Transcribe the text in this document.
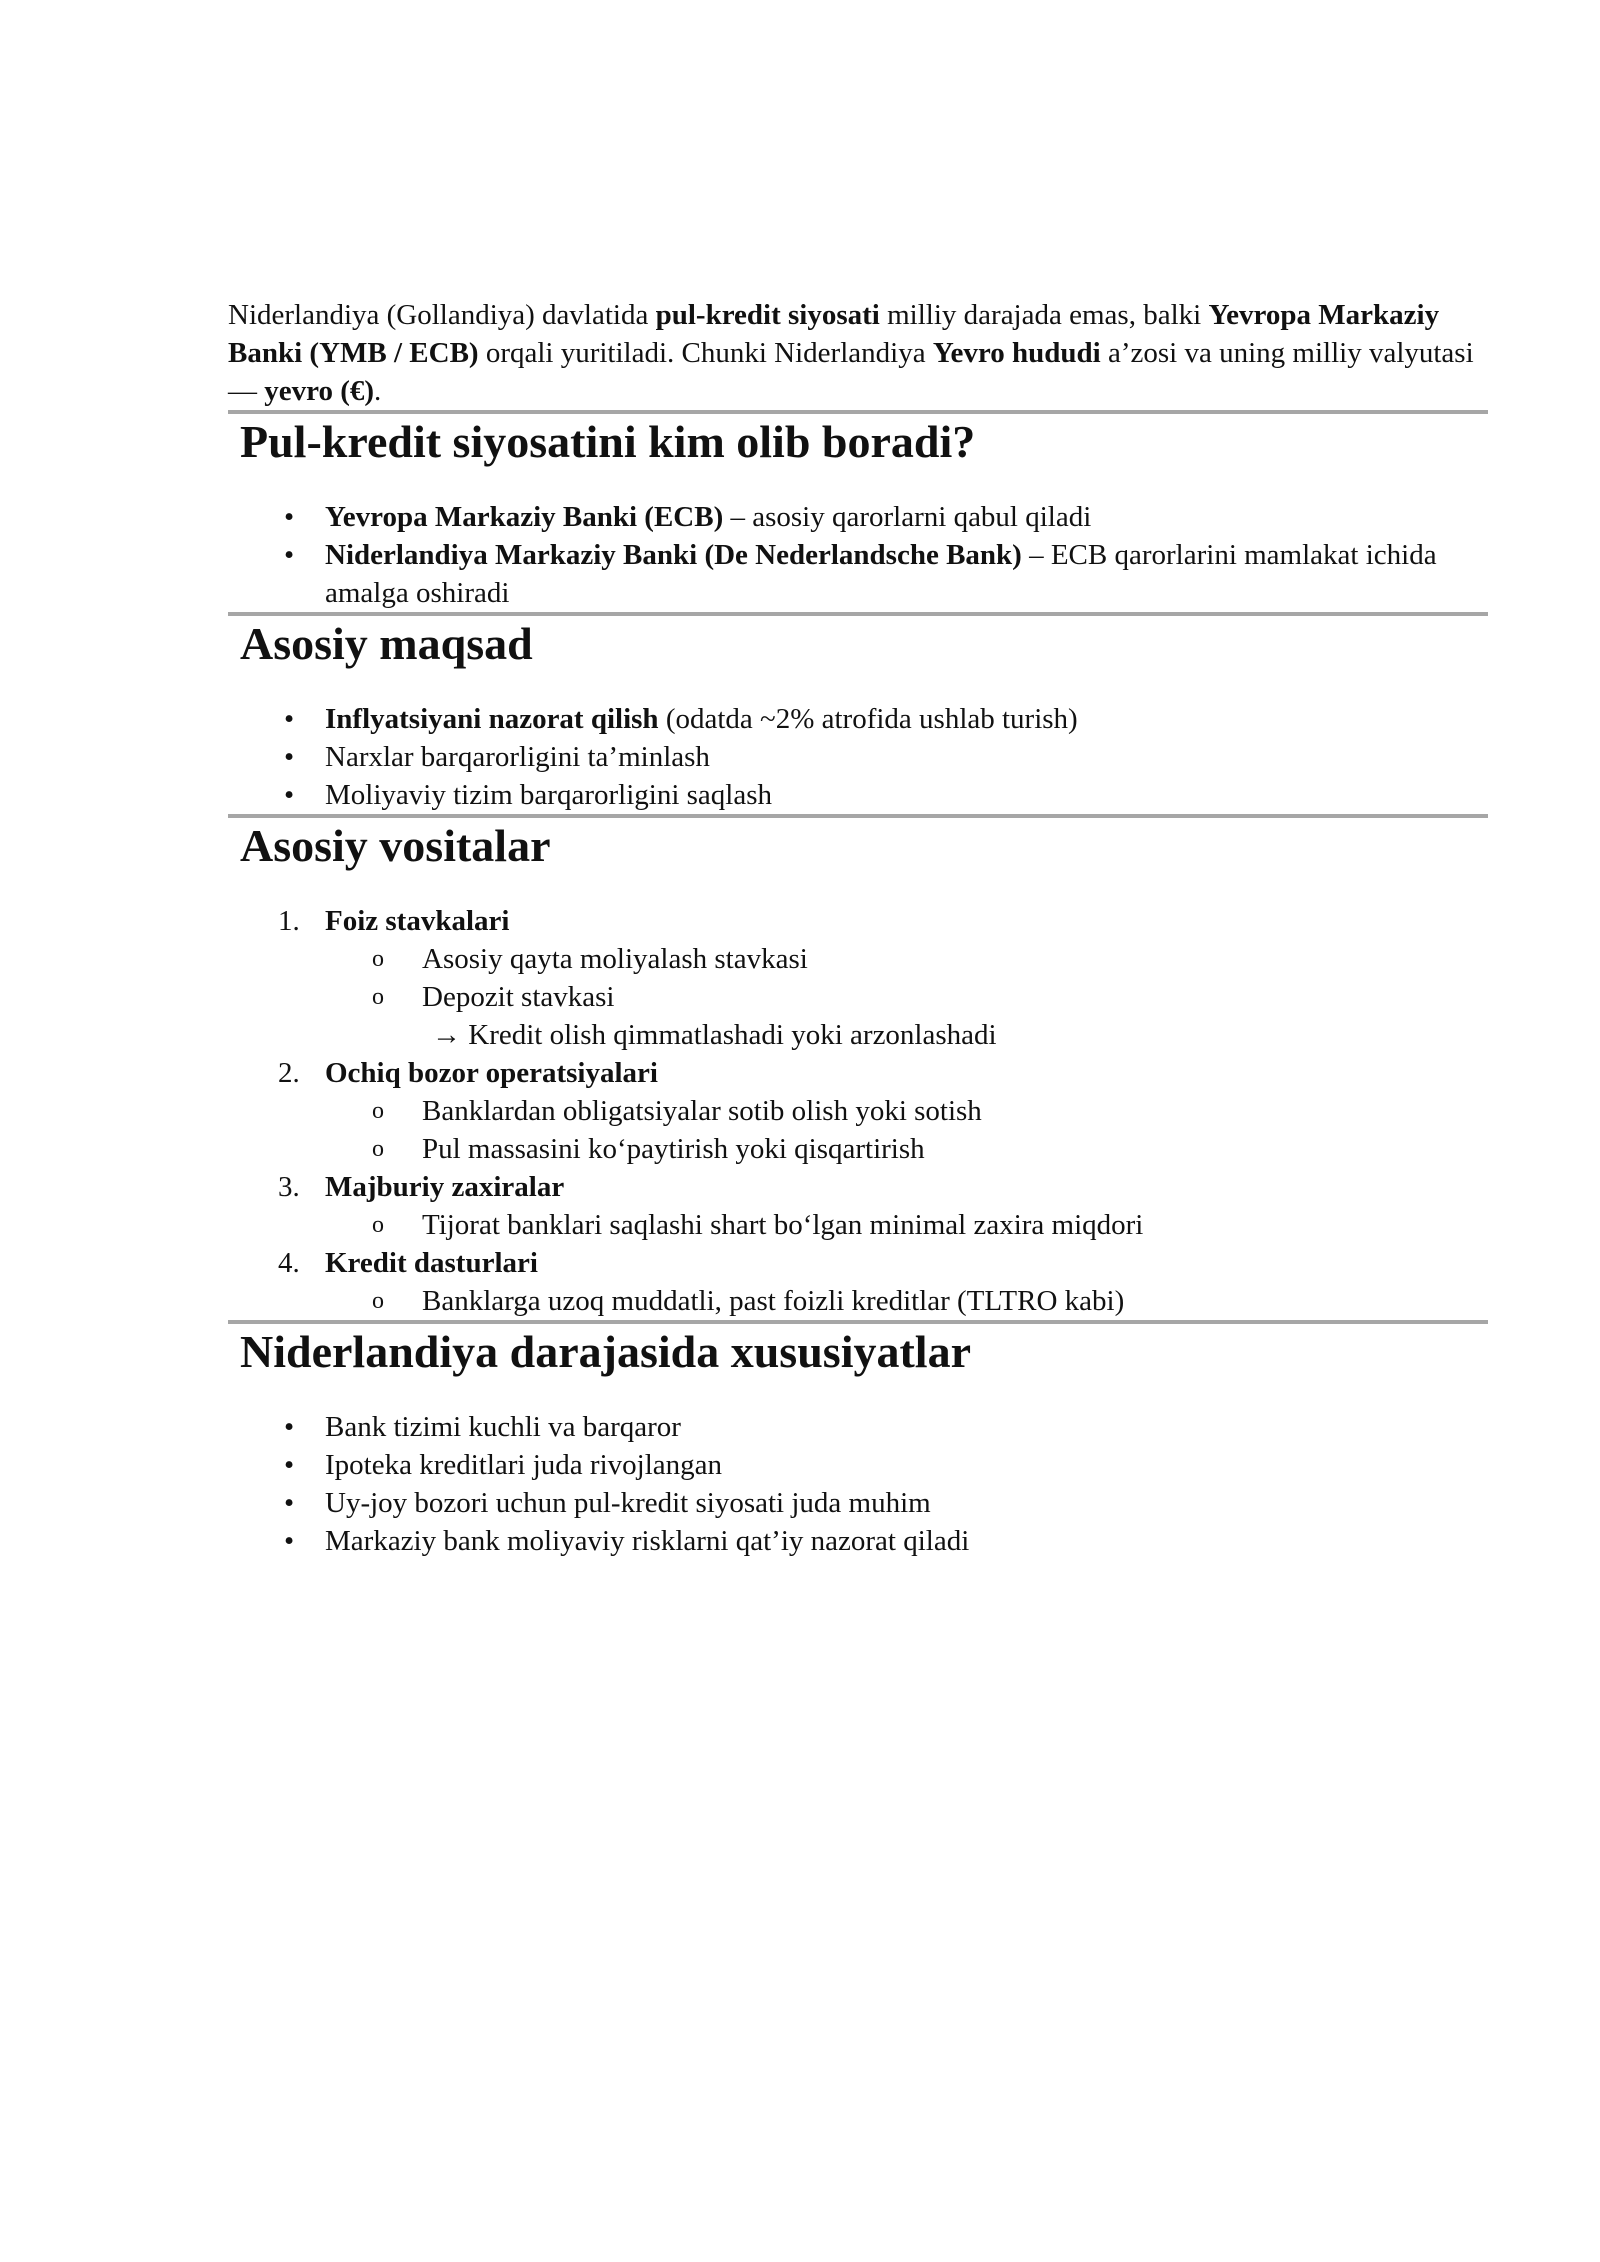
Niderlandiya (Gollandiya) davlatida pul-kredit siyosati milliy darajada emas, balki Yevropa Markaziy Banki (YMB / ECB) orqali yuritiladi. Chunki Niderlandiya Yevro hududi a’zosi va uning milliy valyutasi — yevro (€).

Pul-kredit siyosatini kim olib boradi?
• Yevropa Markaziy Banki (ECB) – asosiy qarorlarni qabul qiladi
• Niderlandiya Markaziy Banki (De Nederlandsche Bank) – ECB qarorlarini mamlakat ichida amalga oshiradi
Asosiy maqsad
• Inflyatsiyani nazorat qilish (odatda ~2% atrofida ushlab turish)
• Narxlar barqarorligini ta’minlash
• Moliyaviy tizim barqarorligini saqlash
Asosiy vositalar
1. Foiz stavkalari
o Asosiy qayta moliyalash stavkasi
o Depozit stavkasi
→ Kredit olish qimmatlashadi yoki arzonlashadi
2. Ochiq bozor operatsiyalari
o Banklardan obligatsiyalar sotib olish yoki sotish
o Pul massasini ko‘paytirish yoki qisqartirish
3. Majburiy zaxiralar
o Tijorat banklari saqlashi shart bo‘lgan minimal zaxira miqdori
4. Kredit dasturlari
o Banklarga uzoq muddatli, past foizli kreditlar (TLTRO kabi)
Niderlandiya darajasida xususiyatlar
• Bank tizimi kuchli va barqaror
• Ipoteka kreditlari juda rivojlangan
• Uy-joy bozori uchun pul-kredit siyosati juda muhim
• Markaziy bank moliyaviy risklarni qat’iy nazorat qiladi
